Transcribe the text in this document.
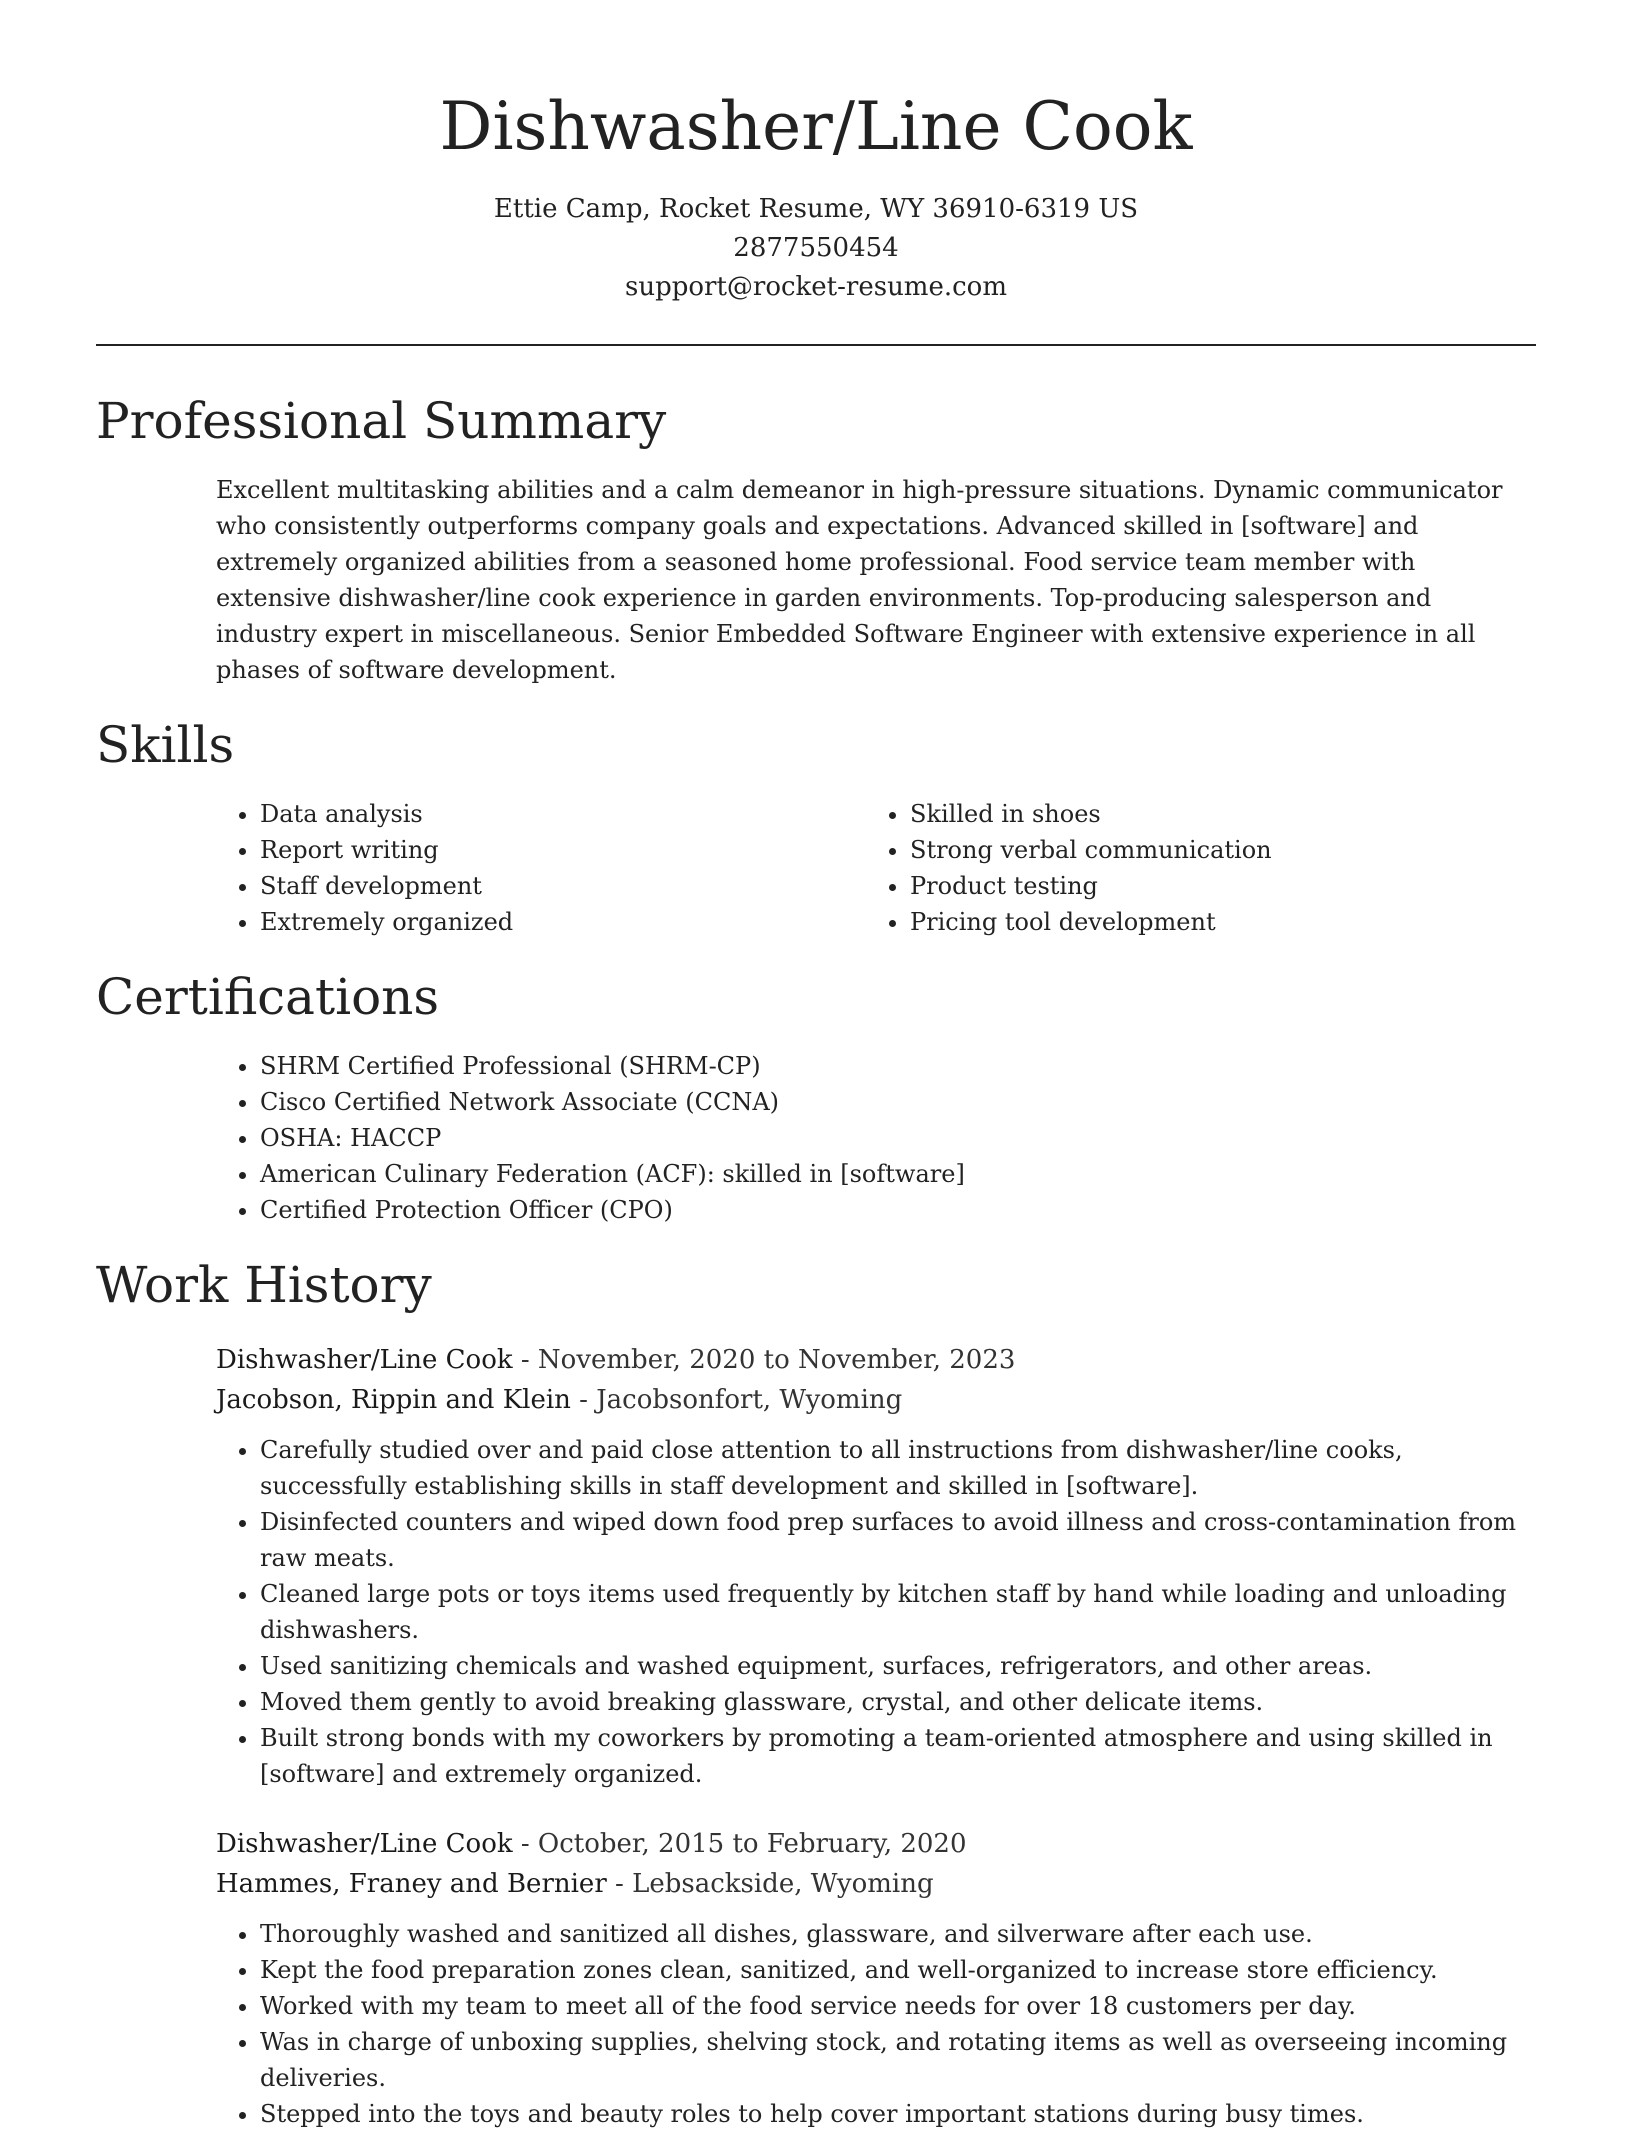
Dishwasher/Line Cook
Ettie Camp, Rocket Resume, WY 36910-6319 US
2877550454
support@rocket-resume.com
Professional Summary

Excellent multitasking abilities and a calm demeanor in high-pressure situations. Dynamic communicator who consistently outperforms company goals and expectations. Advanced skilled in [software] and extremely organized abilities from a seasoned home professional. Food service team member with extensive dishwasher/line cook experience in garden environments. Top-producing salesperson and industry expert in miscellaneous. Senior Embedded Software Engineer with extensive experience in all phases of software development.

Skills
• Data analysis
• Report writing
• Staff development
• Extremely organized
• Skilled in shoes
• Strong verbal communication
• Product testing
• Pricing tool development
Certifications
• SHRM Certified Professional (SHRM-CP)
• Cisco Certified Network Associate (CCNA)
• OSHA: HACCP
• American Culinary Federation (ACF): skilled in [software]
• Certified Protection Officer (CPO)
Work History
Dishwasher/Line Cook - November, 2020 to November, 2023
Jacobson, Rippin and Klein - Jacobsonfort, Wyoming
• Carefully studied over and paid close attention to all instructions from dishwasher/line cooks, successfully establishing skills in staff development and skilled in [software].
• Disinfected counters and wiped down food prep surfaces to avoid illness and cross-contamination from raw meats.
• Cleaned large pots or toys items used frequently by kitchen staff by hand while loading and unloading dishwashers.
• Used sanitizing chemicals and washed equipment, surfaces, refrigerators, and other areas.
• Moved them gently to avoid breaking glassware, crystal, and other delicate items.
• Built strong bonds with my coworkers by promoting a team-oriented atmosphere and using skilled in [software] and extremely organized.
Dishwasher/Line Cook - October, 2015 to February, 2020
Hammes, Franey and Bernier - Lebsackside, Wyoming
• Thoroughly washed and sanitized all dishes, glassware, and silverware after each use.
• Kept the food preparation zones clean, sanitized, and well-organized to increase store efficiency.
• Worked with my team to meet all of the food service needs for over 18 customers per day.
• Was in charge of unboxing supplies, shelving stock, and rotating items as well as overseeing incoming deliveries.
• Stepped into the toys and beauty roles to help cover important stations during busy times.
